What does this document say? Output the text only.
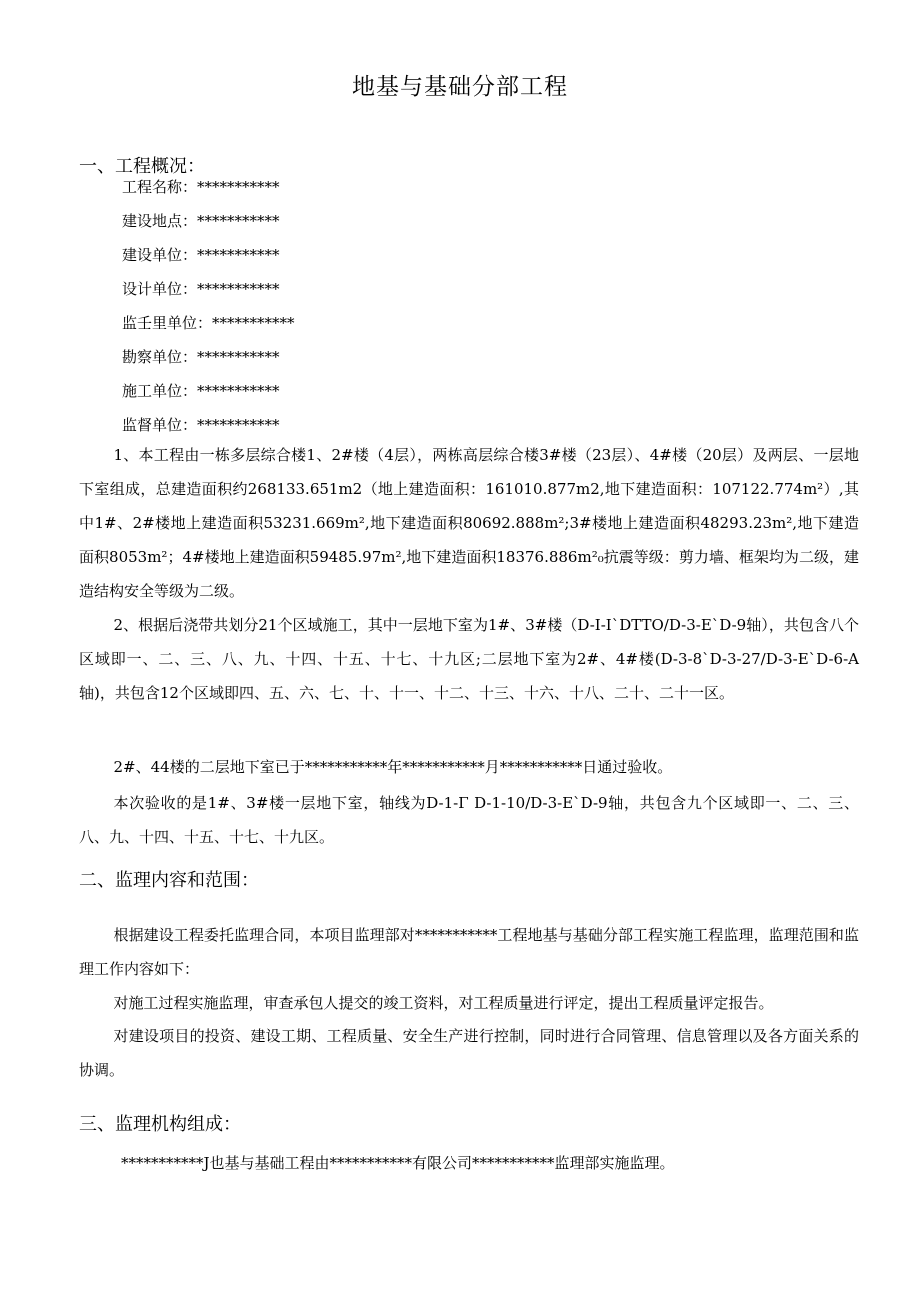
地基与基础分部工程
一、工程概况：
工程名称：***********
建设地点：***********
建设单位：***********
设计单位：***********
监壬里单位：***********
勘察单位：***********
施工单位：***********
监督单位：***********
1、本工程由一栋多层综合楼1、2#楼（4层），两栋高层综合楼3#楼（23层）、4#楼（20层）及两层、一层地下室组成，总建造面积约268133.651m2（地上建造面积：161010.877m2,地下建造面积：107122.774m²）,其中1#、2#楼地上建造面积53231.669m²,地下建造面积80692.888m²;3#楼地上建造面积48293.23m²,地下建造面积8053m²；4#楼地上建造面积59485.97m²,地下建造面积18376.886m²₀抗震等级：剪力墙、框架均为二级，建造结构安全等级为二级。
2、根据后浇带共划分21个区域施工，其中一层地下室为1#、3#楼（D-I-I`DTTO/D-3-E`D-9轴），共包含八个区域即一、二、三、八、九、十四、十五、十七、十九区;二层地下室为2#、4#楼(D-3-8`D-3-27/D-3-E`D-6-A轴)，共包含12个区域即四、五、六、七、十、十一、十二、十三、十六、十八、二十、二十一区。
2#、44楼的二层地下室已于***********年***********月***********日通过验收。
本次验收的是1#、3#楼一层地下室，轴线为D-1-Γ D-1-10/D-3-E`D-9轴，共包含九个区域即一、二、三、八、九、十四、十五、十七、十九区。
二、监理内容和范围：
根据建设工程委托监理合同，本项目监理部对***********工程地基与基础分部工程实施工程监理，监理范围和监理工作内容如下：
对施工过程实施监理，审查承包人提交的竣工资料，对工程质量进行评定，提出工程质量评定报告。
对建设项目的投资、建设工期、工程质量、安全生产进行控制，同时进行合同管理、信息管理以及各方面关系的协调。
三、监理机构组成：
***********J也基与基础工程由***********有限公司***********监理部实施监理。
